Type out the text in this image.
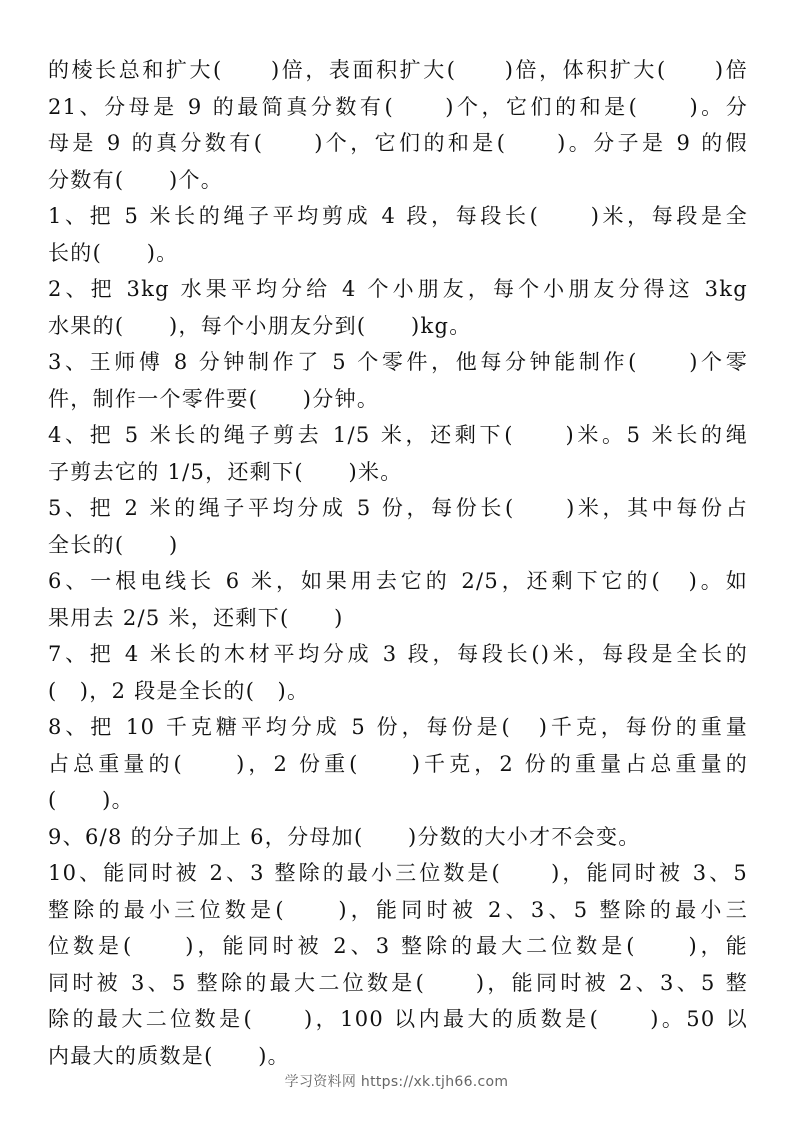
的棱长总和扩大(　　)倍，表面积扩大(　　)倍，体积扩大(　　)倍
21、分母是 9 的最简真分数有(　　)个，它们的和是(　　)。分
母是 9 的真分数有(　　)个，它们的和是(　　)。分子是 9 的假
分数有(　　)个。
1、把 5 米长的绳子平均剪成 4 段，每段长(　　)米，每段是全
长的(　　)。
2、把 3kg 水果平均分给 4 个小朋友，每个小朋友分得这 3kg
水果的(　　)，每个小朋友分到(　　)kg。
3、王师傅 8 分钟制作了 5 个零件，他每分钟能制作(　　)个零
件，制作一个零件要(　　)分钟。
4、把 5 米长的绳子剪去 1/5 米，还剩下(　　)米。5 米长的绳
子剪去它的 1/5，还剩下(　　)米。
5、把 2 米的绳子平均分成 5 份，每份长(　　)米，其中每份占
全长的(　　)
6、一根电线长 6 米，如果用去它的 2/5，还剩下它的(　)。如
果用去 2/5 米，还剩下(　　)
7、把 4 米长的木材平均分成 3 段，每段长()米，每段是全长的
(　)，2 段是全长的(　)。
8、把 10 千克糖平均分成 5 份，每份是(　)千克，每份的重量
占总重量的(　　)，2 份重(　　)千克，2 份的重量占总重量的
(　　)。
9、6/8 的分子加上 6，分母加(　　)分数的大小才不会变。
10、能同时被 2、3 整除的最小三位数是(　　)，能同时被 3、5
整除的最小三位数是(　　)，能同时被 2、3、5 整除的最小三
位数是(　　)，能同时被 2、3 整除的最大二位数是(　　)，能
同时被 3、5 整除的最大二位数是(　　)，能同时被 2、3、5 整
除的最大二位数是(　　)，100 以内最大的质数是(　　)。50 以
内最大的质数是(　　)。
学习资料网 https://xk.tjh66.com
